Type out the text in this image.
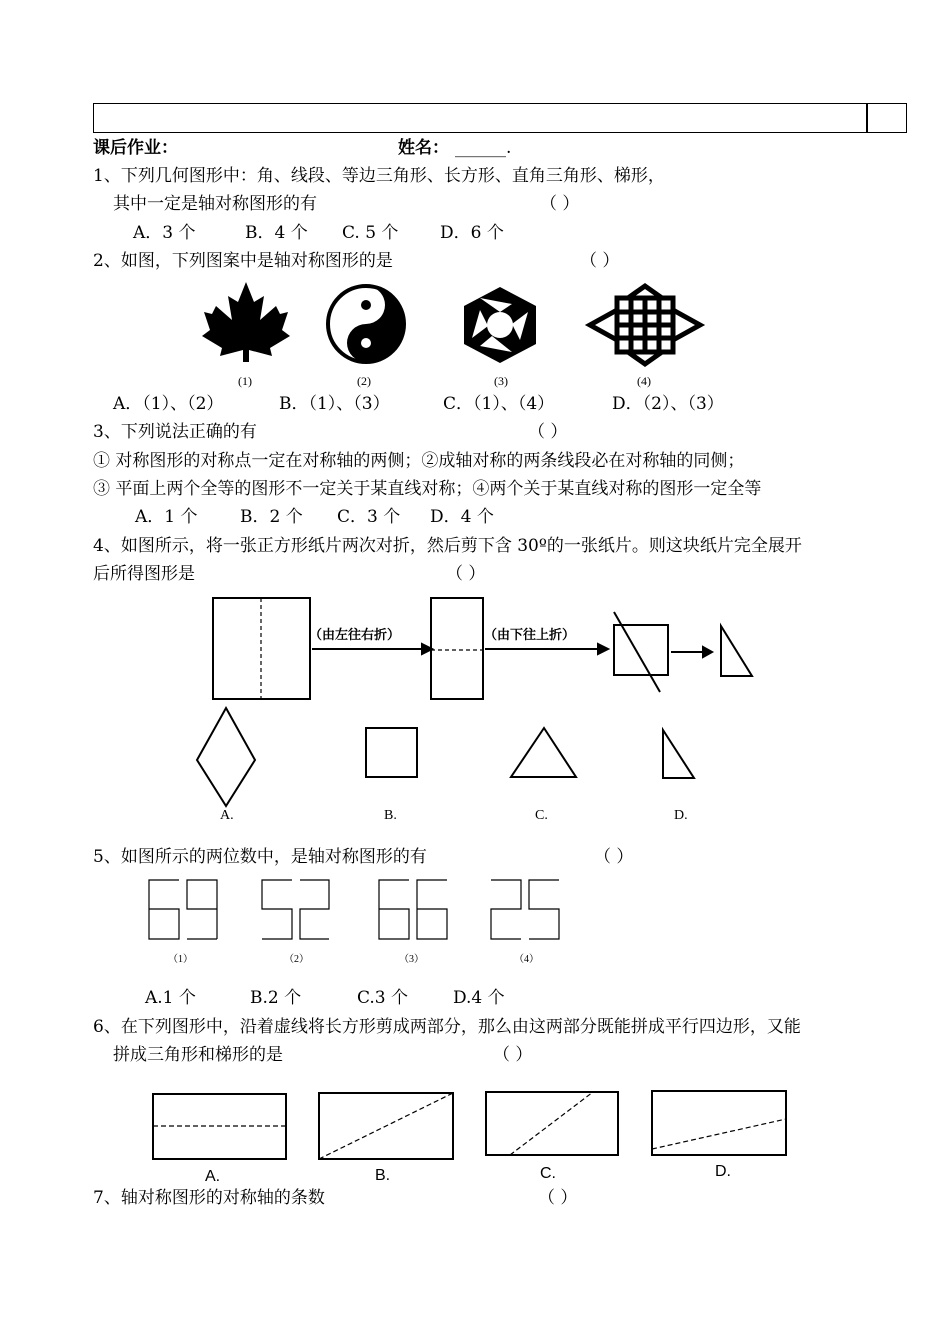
课后作业：	姓名： ______.
1、下列几何图形中：角、线段、等边三角形、长方形、直角三角形、梯形，
其中一定是轴对称图形的有	（ ）
A．3 个	B．4 个 C. 5 个 D．6 个
2、如图，下列图案中是轴对称图形的是	（ ）
(1)	(2)	(3)	(4)
A．（1）、（2）	B．（1）、（3）	C．（1）、（4）	D．（2）、（3）
3、下列说法正确的有	（ ）
① 对称图形的对称点一定在对称轴的两侧；②成轴对称的两条线段必在对称轴的同侧；
③ 平面上两个全等的图形不一定关于某直线对称；④两个关于某直线对称的图形一定全等
A．1 个	B．2 个 C．3 个 D．4 个
4、如图所示，将一张正方形纸片两次对折，然后剪下含 30º的一张纸片。则这块纸片完全展开
后所得图形是	（ ）
（由左往右折）	（由下往上折）
A.	B.	C.	D.
5、如图所示的两位数中，是轴对称图形的有	（ ）
（1）	（2）	（3）	（4）
A.1 个	B.2 个	C.3 个	D.4 个
6、在下列图形中，沿着虚线将长方形剪成两部分，那么由这两部分既能拼成平行四边形，又能
拼成三角形和梯形的是	（ ）
A.	B.	C.	D.
7、轴对称图形的对称轴的条数	（ ）
